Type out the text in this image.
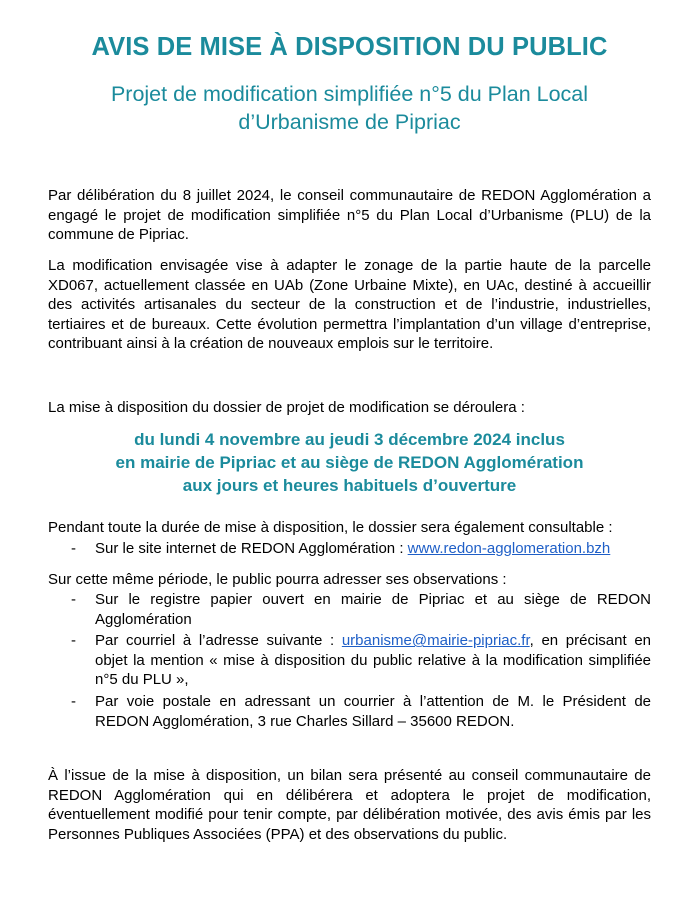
AVIS DE MISE À DISPOSITION DU PUBLIC
Projet de modification simplifiée n°5 du Plan Local
d’Urbanisme de Pipriac

Par délibération du 8 juillet 2024, le conseil communautaire de REDON Agglomération a engagé le projet de modification simplifiée n°5 du Plan Local d’Urbanisme (PLU) de la commune de Pipriac.

La modification envisagée vise à adapter le zonage de la partie haute de la parcelle XD067, actuellement classée en UAb (Zone Urbaine Mixte), en UAc, destiné à accueillir des activités artisanales du secteur de la construction et de l’industrie, industrielles, tertiaires et de bureaux. Cette évolution permettra l’implantation d’un village d’entreprise, contribuant ainsi à la création de nouveaux emplois sur le territoire.

La mise à disposition du dossier de projet de modification se déroulera :

du lundi 4 novembre au jeudi 3 décembre 2024 inclus
en mairie de Pipriac et au siège de REDON Agglomération
aux jours et heures habituels d’ouverture

Pendant toute la durée de mise à disposition, le dossier sera également consultable :

- Sur le site internet de REDON Agglomération : www.redon-agglomeration.bzh

Sur cette même période, le public pourra adresser ses observations :

- Sur le registre papier ouvert en mairie de Pipriac et au siège de REDON Agglomération
- Par courriel à l’adresse suivante : urbanisme@mairie-pipriac.fr, en précisant en objet la mention « mise à disposition du public relative à la modification simplifiée n°5 du PLU »,
- Par voie postale en adressant un courrier à l’attention de M. le Président de REDON Agglomération, 3 rue Charles Sillard – 35600 REDON.

À l’issue de la mise à disposition, un bilan sera présenté au conseil communautaire de REDON Agglomération qui en délibérera et adoptera le projet de modification, éventuellement modifié pour tenir compte, par délibération motivée, des avis émis par les Personnes Publiques Associées (PPA) et des observations du public.
